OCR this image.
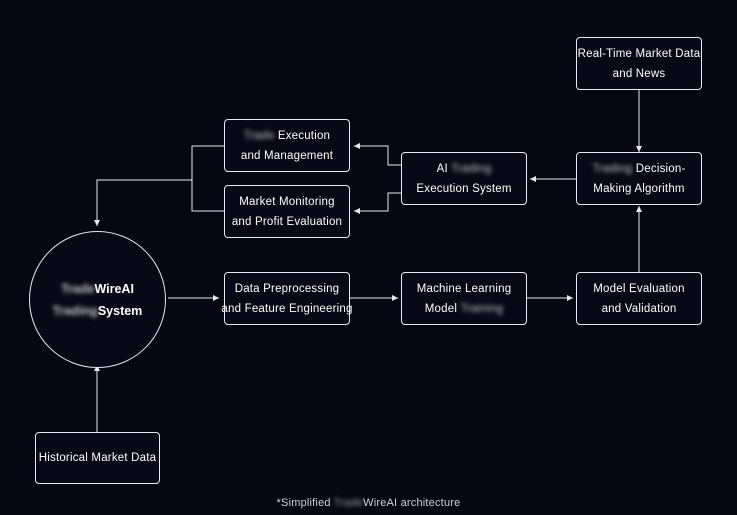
TradeWireAI
TradingSystem
Historical Market Data
Data Preprocessing
and Feature Engineering
Machine Learning
Model Training
Model Evaluation
and Validation
Real-Time Market Data
and News
Trading Decision-
Making Algorithm
AI Trading
Execution System
Trade Execution
and Management
Market Monitoring
and Profit Evaluation
*Simplified TradeWireAI architecture
